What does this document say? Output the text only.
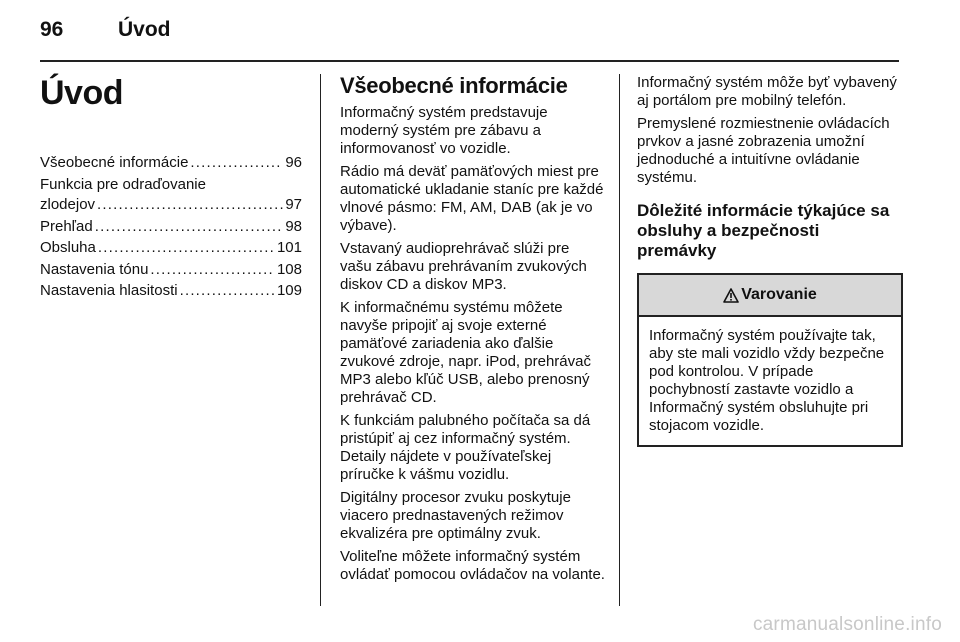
96	Úvod
Úvod
Všeobecné informácie .....	96
Funkcia pre odraďovanie
zlodejov .....	97
Prehľad .....	98
Obsluha .....	101
Nastavenia tónu .....	108
Nastavenia hlasitosti .....	109
Všeobecné informácie

Informačný systém predstavuje moderný systém pre zábavu a informovanosť vo vozidle.

Rádio má deväť pamäťových miest pre automatické ukladanie staníc pre každé vlnové pásmo: FM, AM, DAB (ak je vo výbave).

Vstavaný audioprehrávač slúži pre vašu zábavu prehrávaním zvukových diskov CD a diskov MP3.

K informačnému systému môžete navyše pripojiť aj svoje externé pamäťové zariadenia ako ďalšie zvukové zdroje, napr. iPod, prehrávač MP3 alebo kľúč USB, alebo prenosný prehrávač CD.

K funkciám palubného počítača sa dá pristúpiť aj cez informačný systém. Detaily nájdete v používateľskej príručke k vášmu vozidlu.

Digitálny procesor zvuku poskytuje viacero prednastavených režimov ekvalizéra pre optimálny zvuk.

Voliteľne môžete informačný systém ovládať pomocou ovládačov na volante.

Informačný systém môže byť vybavený aj portálom pre mobilný telefón.

Premyslené rozmiestnenie ovládacích prvkov a jasné zobrazenia umožní jednoduché a intuitívne ovládanie systému.

Dôležité informácie týkajúce sa obsluhy a bezpečnosti premávky
Varovanie
Informačný systém používajte tak, aby ste mali vozidlo vždy bezpečne pod kontrolou. V prípade pochybností zastavte vozidlo a Informačný systém obsluhujte pri stojacom vozidle.
carmanualsonline.info
